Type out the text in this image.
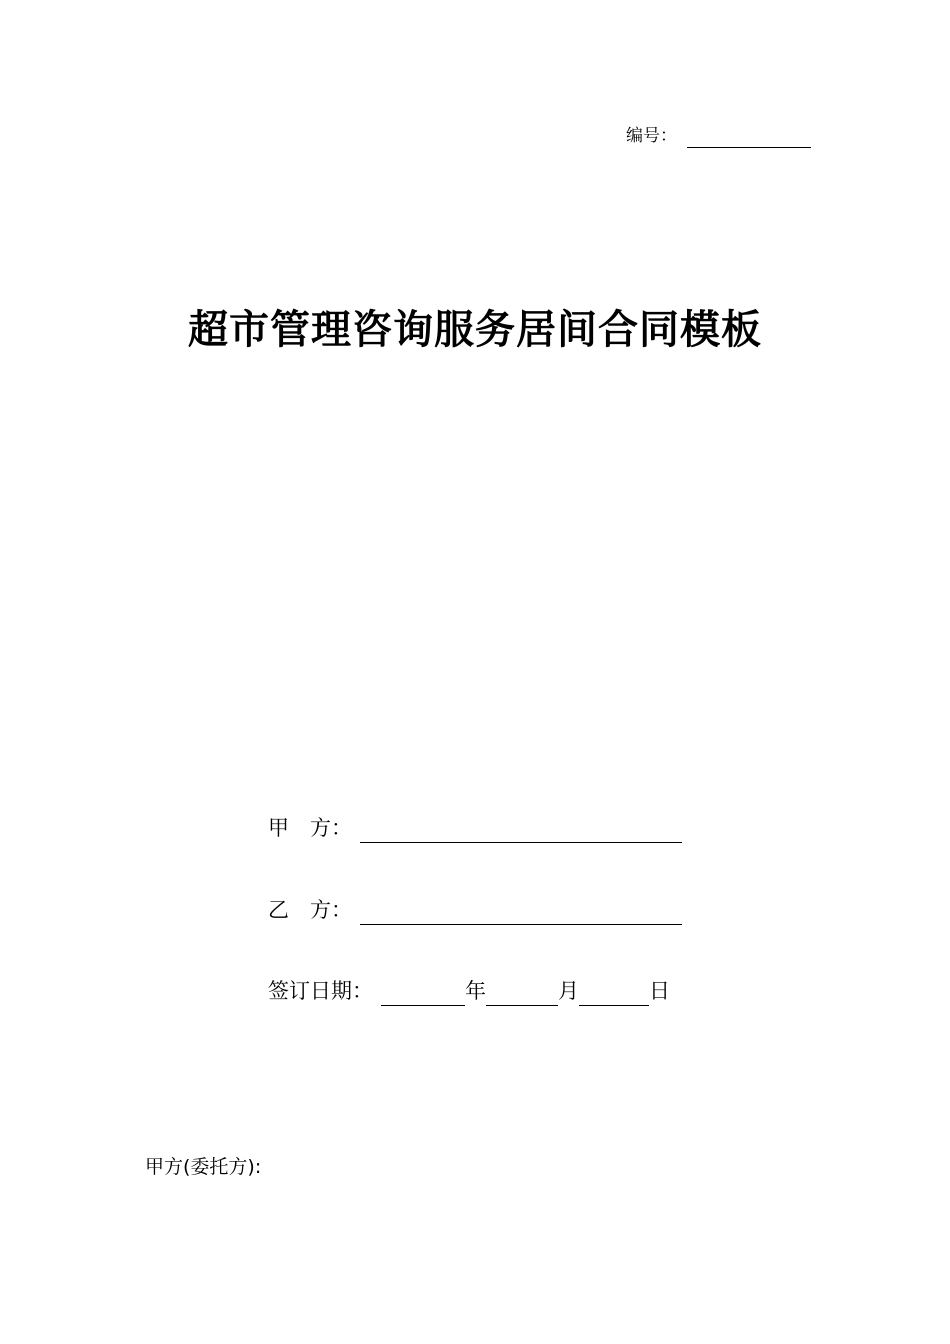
编号：
超市管理咨询服务居间合同模板
甲　方：
乙　方：
签订日期：	年	月	日
甲方(委托方):
